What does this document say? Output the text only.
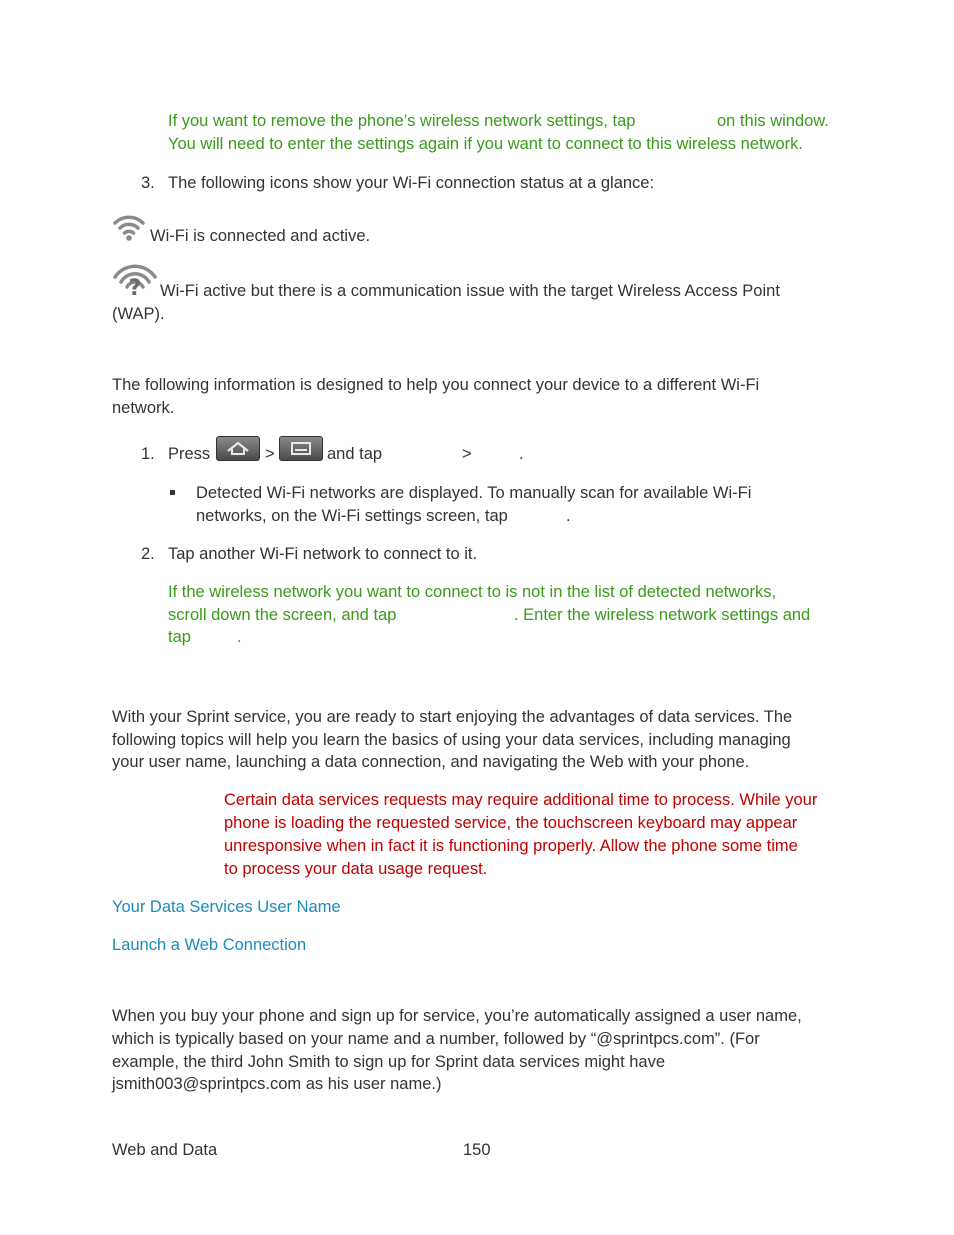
If you want to remove the phone’s wireless network settings, tap	on this window.
You will need to enter the settings again if you want to connect to this wireless network.
3. The following icons show your Wi-Fi connection status at a glance:
Wi-Fi is connected and active.
? Wi-Fi active but there is a communication issue with the target Wireless Access Point
(WAP).
The following information is designed to help you connect your device to a different Wi-Fi
network.
1. Press	>	and tap	>	.
Detected Wi-Fi networks are displayed. To manually scan for available Wi-Fi
networks, on the Wi-Fi settings screen, tap	.
2. Tap another Wi-Fi network to connect to it.
If the wireless network you want to connect to is not in the list of detected networks,
scroll down the screen, and tap	. Enter the wireless network settings and
tap	.
With your Sprint service, you are ready to start enjoying the advantages of data services. The
following topics will help you learn the basics of using your data services, including managing
your user name, launching a data connection, and navigating the Web with your phone.
Certain data services requests may require additional time to process. While your
phone is loading the requested service, the touchscreen keyboard may appear
unresponsive when in fact it is functioning properly. Allow the phone some time
to process your data usage request.
Your Data Services User Name
Launch a Web Connection
When you buy your phone and sign up for service, you’re automatically assigned a user name,
which is typically based on your name and a number, followed by “@sprintpcs.com”. (For
example, the third John Smith to sign up for Sprint data services might have
jsmith003@sprintpcs.com as his user name.)
Web and Data	150
